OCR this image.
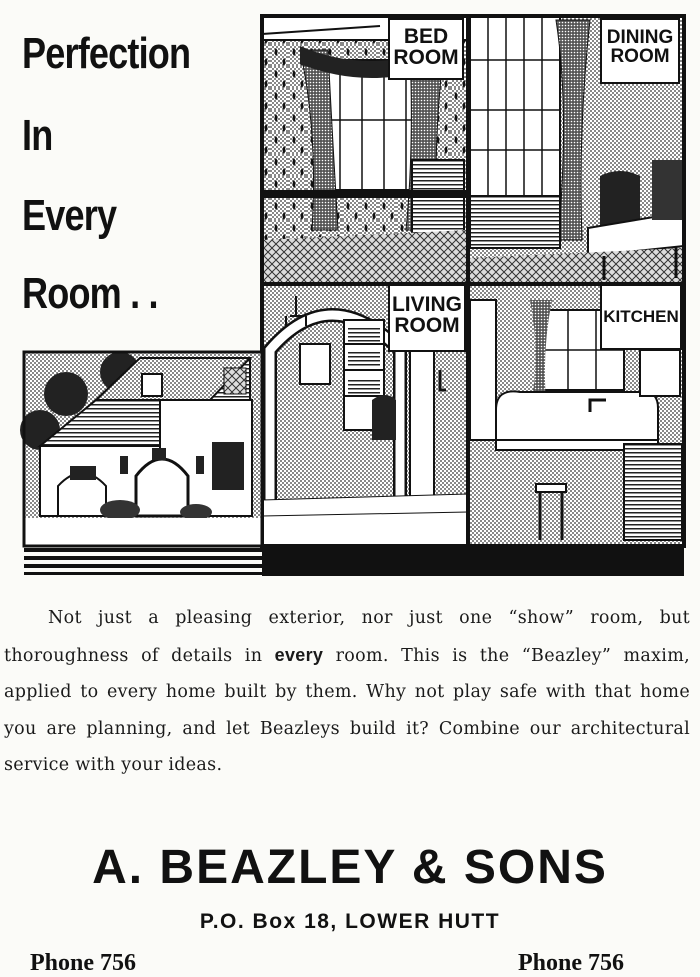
Perfection
In
Every
Room . .
BED
ROOM
DINING
ROOM
LIVING
ROOM	KITCHEN
Not just a pleasing exterior, nor just one “show” room, but thoroughness of details in every room. This is the “Beazley” maxim, applied to every home built by them. Why not play safe with that home you are planning, and let Beazleys build it? Combine our architectural service with your ideas.
A. BEAZLEY & SONS
P.O. Box 18, LOWER HUTT
Phone 756	Phone 756
